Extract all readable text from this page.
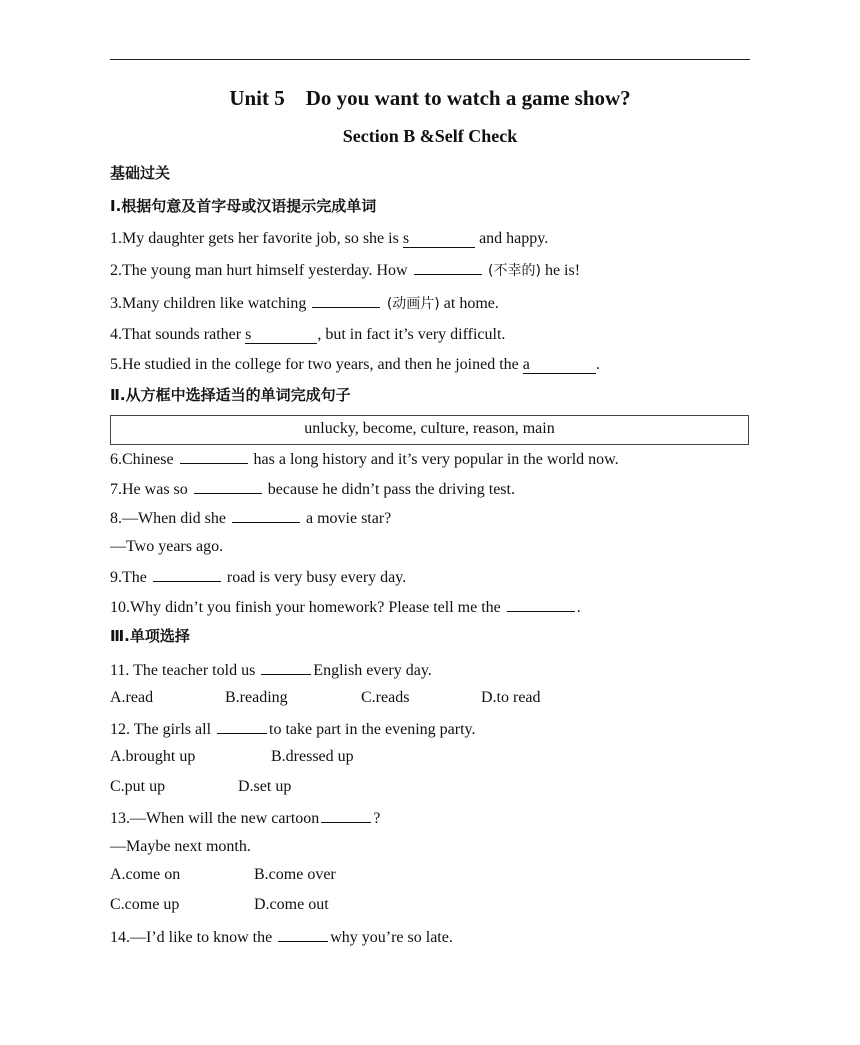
Unit 5    Do you want to watch a game show?
Section B &Self Check
基础过关
Ⅰ.根据句意及首字母或汉语提示完成单词
1.My daughter gets her favorite job, so she is s	and happy.
2.The young man hurt himself yesterday. How	(不幸的) he is!
3.Many children like watching	(动画片) at home.
4.That sounds rather s	, but in fact it’s very difficult.
5.He studied in the college for two years, and then he joined the a	.
Ⅱ.从方框中选择适当的单词完成句子
unlucky, become, culture, reason, main
6.Chinese	has a long history and it’s very popular in the world now.
7.He was so	because he didn’t pass the driving test.
8.—When did she	a movie star?
—Two years ago.
9.The	road is very busy every day.
10.Why didn’t you finish your homework? Please tell me the	.
Ⅲ.单项选择
11. The teacher told us	English every day.
A.read	B.reading	C.reads	D.to read
12. The girls all	to take part in the evening party.
A.brought up	B.dressed up
C.put up	D.set up
13.—When will the new cartoon	?
—Maybe next month.
A.come on	B.come over
C.come up	D.come out
14.—I’d like to know the	why you’re so late.
